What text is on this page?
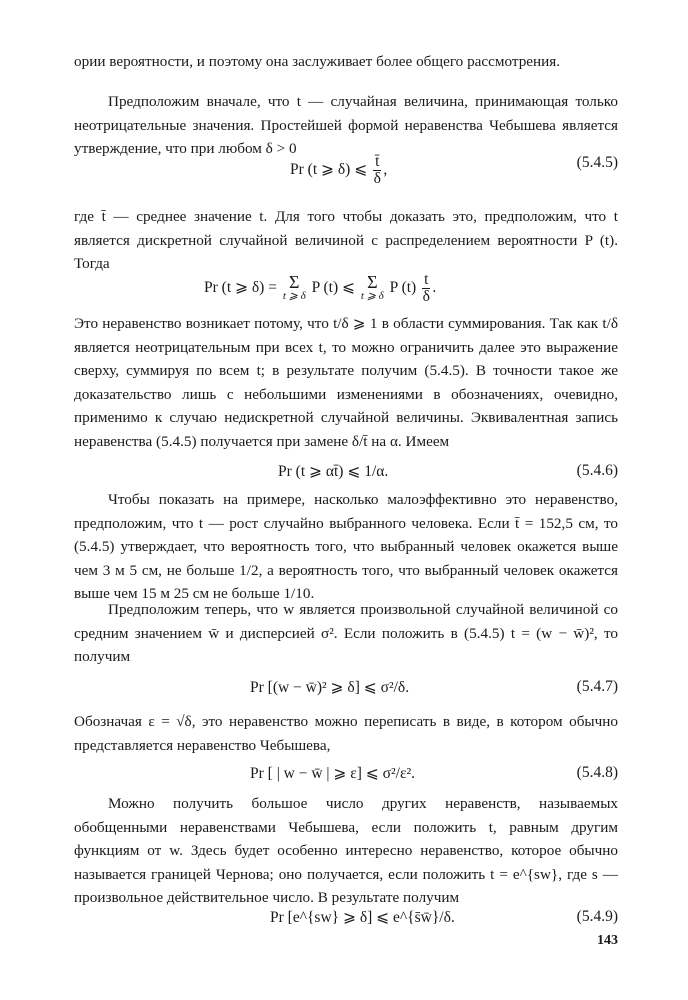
ории вероятности, и поэтому она заслуживает более общего рассмотрения.

Предположим вначале, что t — случайная величина, принимающая только неотрицательные значения. Простейшей формой неравенства Чебышева является утверждение, что при любом δ > 0

Pr (t ⩾ δ) ⩽ $\frac{t̄}{\delta}$ ,	(5.4.5)

где t̄ — среднее значение t. Для того чтобы доказать это, предположим, что t является дискретной случайной величиной с распределением вероятности P (t). Тогда

Pr (t ⩾ δ) = Σ
t ⩾ δ P (t) ⩽ Σ
t ⩾ δ P $(t) \frac{t}{\delta}$ .

Это неравенство возникает потому, что t/δ ⩾ 1 в области суммирования. Так как t/δ является неотрицательным при всех t, то можно ограничить далее это выражение сверху, суммируя по всем t; в результате получим (5.4.5). В точности такое же доказательство лишь с небольшими изменениями в обозначениях, очевидно, применимо к случаю недискретной случайной величины. Эквивалентная запись неравенства (5.4.5) получается при замене δ/t̄ на α. Имеем

Pr (t ⩾ αt̄) ⩽ 1/α.	(5.4.6)

Чтобы показать на примере, насколько малоэффективно это неравенство, предположим, что t — рост случайно выбранного человека. Если t̄ = 152,5 см, то (5.4.5) утверждает, что вероятность того, что выбранный человек окажется выше чем 3 м 5 см, не больше 1/2, а вероятность того, что выбранный человек окажется выше чем 15 м 25 см не больше 1/10.

Предположим теперь, что w является произвольной случайной величиной со средним значением w̄ и дисперсией σ². Если положить в (5.4.5) t = (w − w̄)², то получим

Pr [(w − w̄)² ⩾ δ] ⩽ σ²/δ.	(5.4.7)

Обозначая ε = √δ, это неравенство можно переписать в виде, в котором обычно представляется неравенство Чебышева,

Pr [ | w − w̄ | ⩾ ε] ⩽ σ²/ε².	(5.4.8)

Можно получить большое число других неравенств, называемых обобщенными неравенствами Чебышева, если положить t, равным другим функциям от w. Здесь будет особенно интересно неравенство, которое обычно называется границей Чернова; оно получается, если положить t = e^{sw}, где s — произвольное действительное число. В результате получим

Pr [e^{sw} ⩾ δ] ⩽ e^{s̄w̄}/δ.	(5.4.9)
143
